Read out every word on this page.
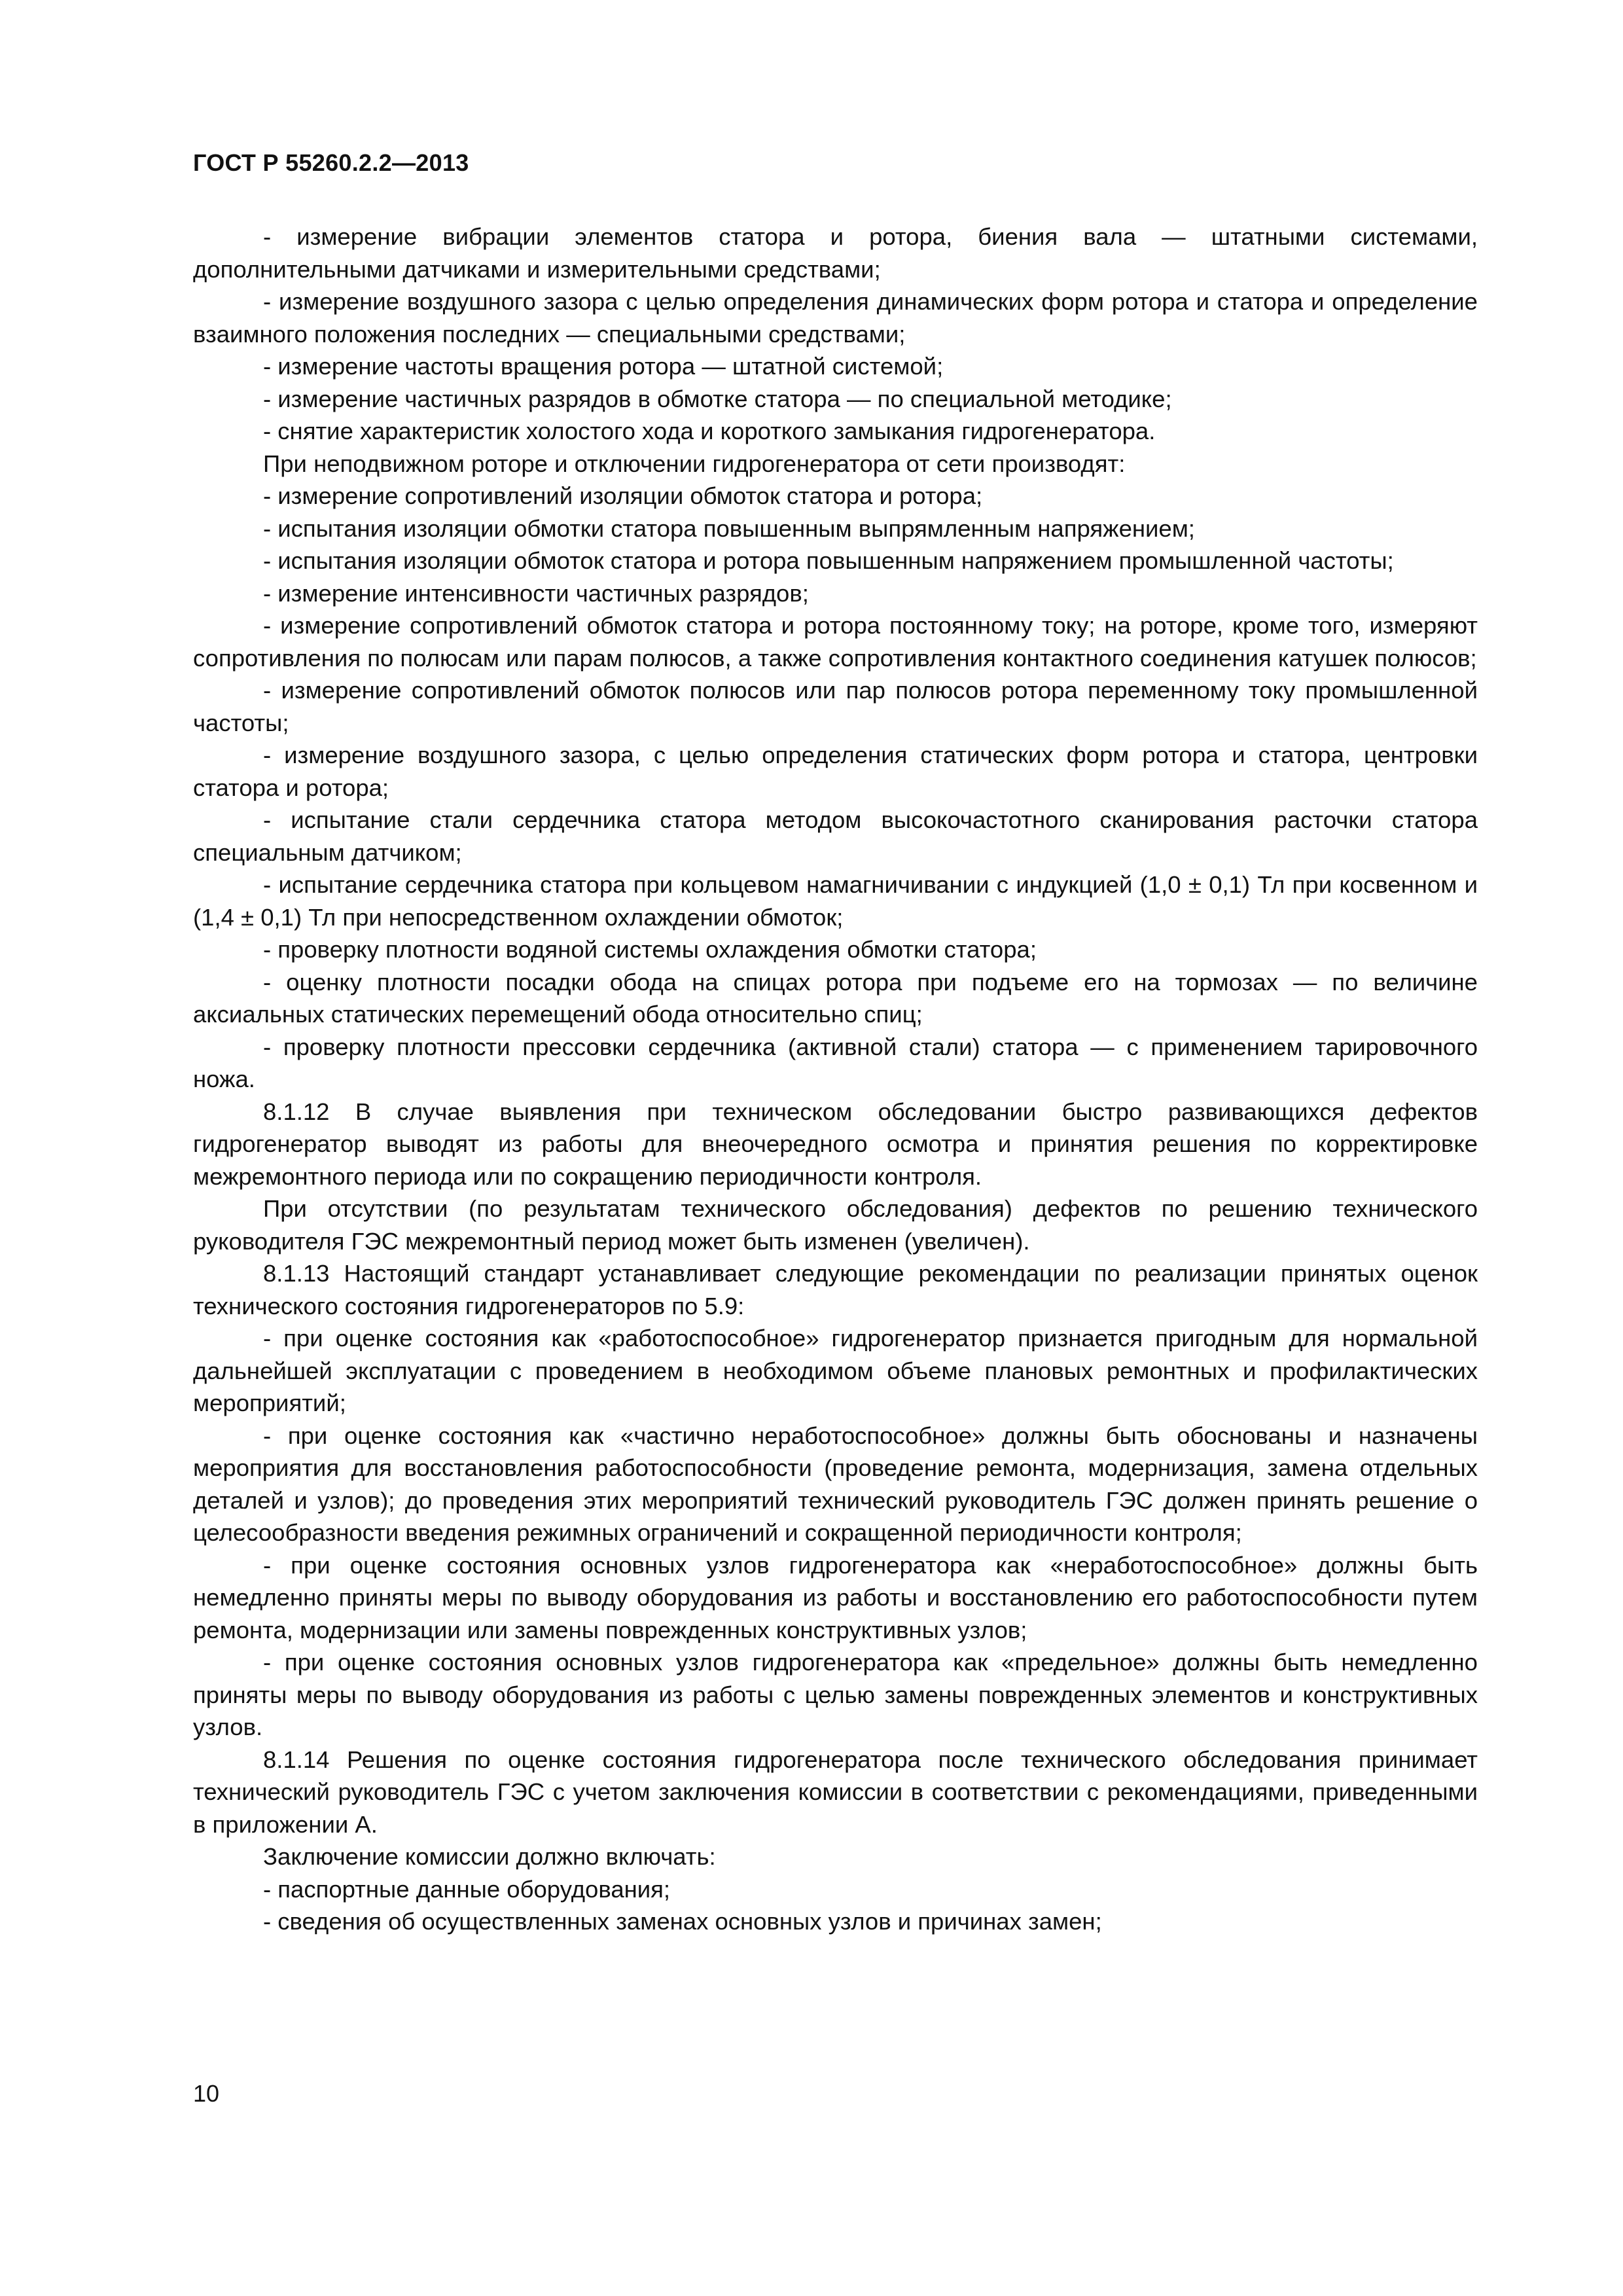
ГОСТ Р 55260.2.2—2013

- измерение вибрации элементов статора и ротора, биения вала — штатными системами, дополнительными датчиками и измерительными средствами;

- измерение воздушного зазора с целью определения динамических форм ротора и статора и определение взаимного положения последних — специальными средствами;

- измерение частоты вращения ротора — штатной системой;

- измерение частичных разрядов в обмотке статора — по специальной методике;

- снятие характеристик холостого хода и короткого замыкания гидрогенератора.

При неподвижном роторе и отключении гидрогенератора от сети производят:

- измерение сопротивлений изоляции обмоток статора и ротора;

- испытания изоляции обмотки статора повышенным выпрямленным напряжением;

- испытания изоляции обмоток статора и ротора повышенным напряжением промышленной частоты;

- измерение интенсивности частичных разрядов;

- измерение сопротивлений обмоток статора и ротора постоянному току; на роторе, кроме того, измеряют сопротивления по полюсам или парам полюсов, а также сопротивления контактного соединения катушек полюсов;

- измерение сопротивлений обмоток полюсов или пар полюсов ротора переменному току промышленной частоты;

- измерение воздушного зазора, с целью определения статических форм ротора и статора, центровки статора и ротора;

- испытание стали сердечника статора методом высокочастотного сканирования расточки статора специальным датчиком;

- испытание сердечника статора при кольцевом намагничивании с индукцией (1,0 ± 0,1) Тл при косвенном и (1,4 ± 0,1) Тл при непосредственном охлаждении обмоток;

- проверку плотности водяной системы охлаждения обмотки статора;

- оценку плотности посадки обода на спицах ротора при подъеме его на тормозах — по величине аксиальных статических перемещений обода относительно спиц;

- проверку плотности прессовки сердечника (активной стали) статора — с применением тарировочного ножа.

8.1.12 В случае выявления при техническом обследовании быстро развивающихся дефектов гидрогенератор выводят из работы для внеочередного осмотра и принятия решения по корректировке межремонтного периода или по сокращению периодичности контроля.

При отсутствии (по результатам технического обследования) дефектов по решению технического руководителя ГЭС межремонтный период может быть изменен (увеличен).

8.1.13 Настоящий стандарт устанавливает следующие рекомендации по реализации принятых оценок технического состояния гидрогенераторов по 5.9:

- при оценке состояния как «работоспособное» гидрогенератор признается пригодным для нормальной дальнейшей эксплуатации с проведением в необходимом объеме плановых ремонтных и профилактических мероприятий;

- при оценке состояния как «частично неработоспособное» должны быть обоснованы и назначены мероприятия для восстановления работоспособности (проведение ремонта, модернизация, замена отдельных деталей и узлов); до проведения этих мероприятий технический руководитель ГЭС должен принять решение о целесообразности введения режимных ограничений и сокращенной периодичности контроля;

- при оценке состояния основных узлов гидрогенератора как «неработоспособное» должны быть немедленно приняты меры по выводу оборудования из работы и восстановлению его работоспособности путем ремонта, модернизации или замены поврежденных конструктивных узлов;

- при оценке состояния основных узлов гидрогенератора как «предельное» должны быть немедленно приняты меры по выводу оборудования из работы с целью замены поврежденных элементов и конструктивных узлов.

8.1.14 Решения по оценке состояния гидрогенератора после технического обследования принимает технический руководитель ГЭС с учетом заключения комиссии в соответствии с рекомендациями, приведенными в приложении А.

Заключение комиссии должно включать:

- паспортные данные оборудования;

- сведения об осуществленных заменах основных узлов и причинах замен;

10
